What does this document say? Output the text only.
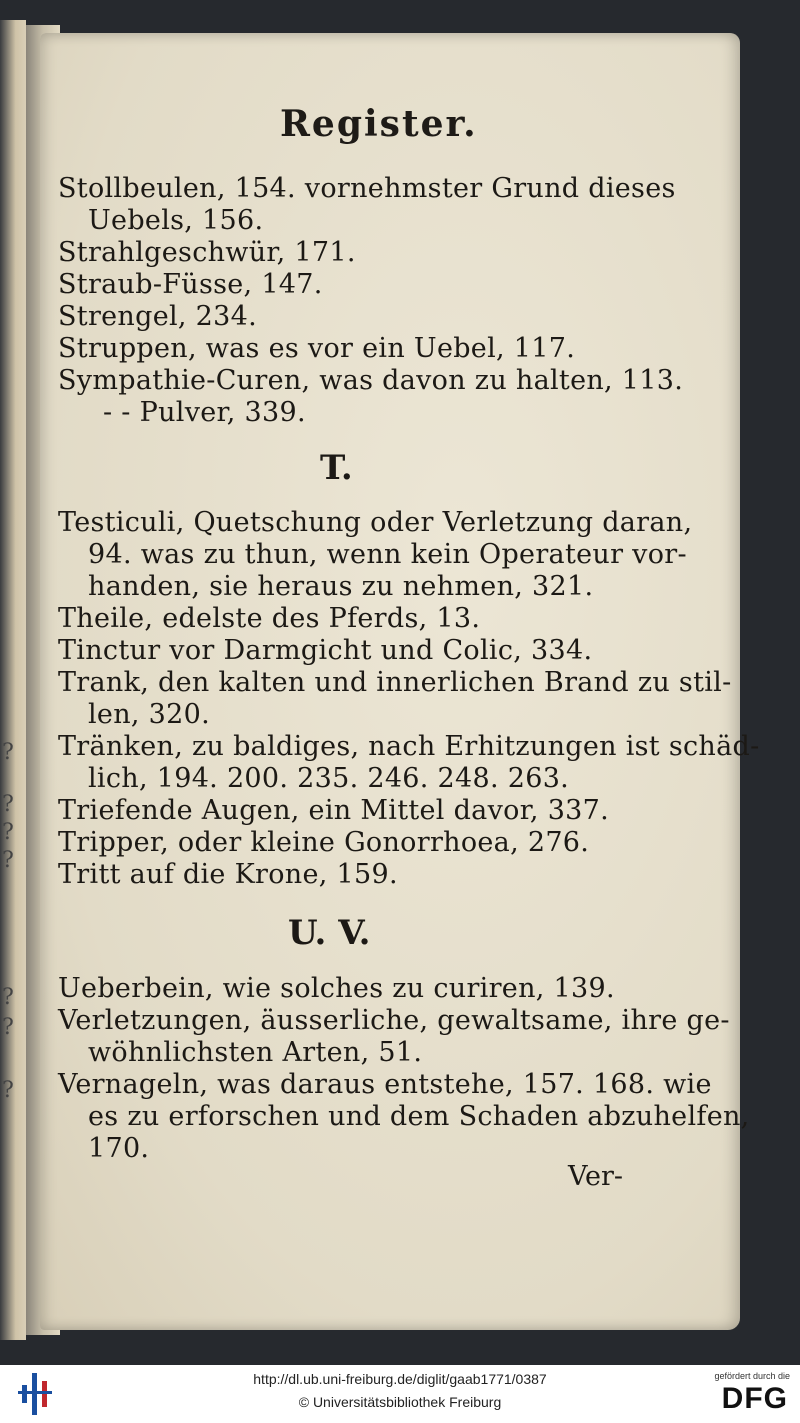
?
?
?
?
?
?
?
Register.
Stollbeulen, 154. vornehmster Grund dieses
Uebels, 156.
Strahlgeschwür, 171.
Straub-Füsse, 147.
Strengel, 234.
Struppen, was es vor ein Uebel, 117.
Sympathie-Curen, was davon zu halten, 113.
- - Pulver, 339.
T.
Testiculi, Quetschung oder Verletzung daran,
94. was zu thun, wenn kein Operateur vor-
handen, sie heraus zu nehmen, 321.
Theile, edelste des Pferds, 13.
Tinctur vor Darmgicht und Colic, 334.
Trank, den kalten und innerlichen Brand zu stil-
len, 320.
Tränken, zu baldiges, nach Erhitzungen ist schäd-
lich, 194. 200. 235. 246. 248. 263.
Triefende Augen, ein Mittel davor, 337.
Tripper, oder kleine Gonorrhoea, 276.
Tritt auf die Krone, 159.
U. V.
Ueberbein, wie solches zu curiren, 139.
Verletzungen, äusserliche, gewaltsame, ihre ge-
wöhnlichsten Arten, 51.
Vernageln, was daraus entstehe, 157. 168. wie
es zu erforschen und dem Schaden abzuhelfen,
170.
Ver-
http://dl.ub.uni-freiburg.de/diglit/gaab1771/0387
© Universitätsbibliothek Freiburg
gefördert durch die
DFG
